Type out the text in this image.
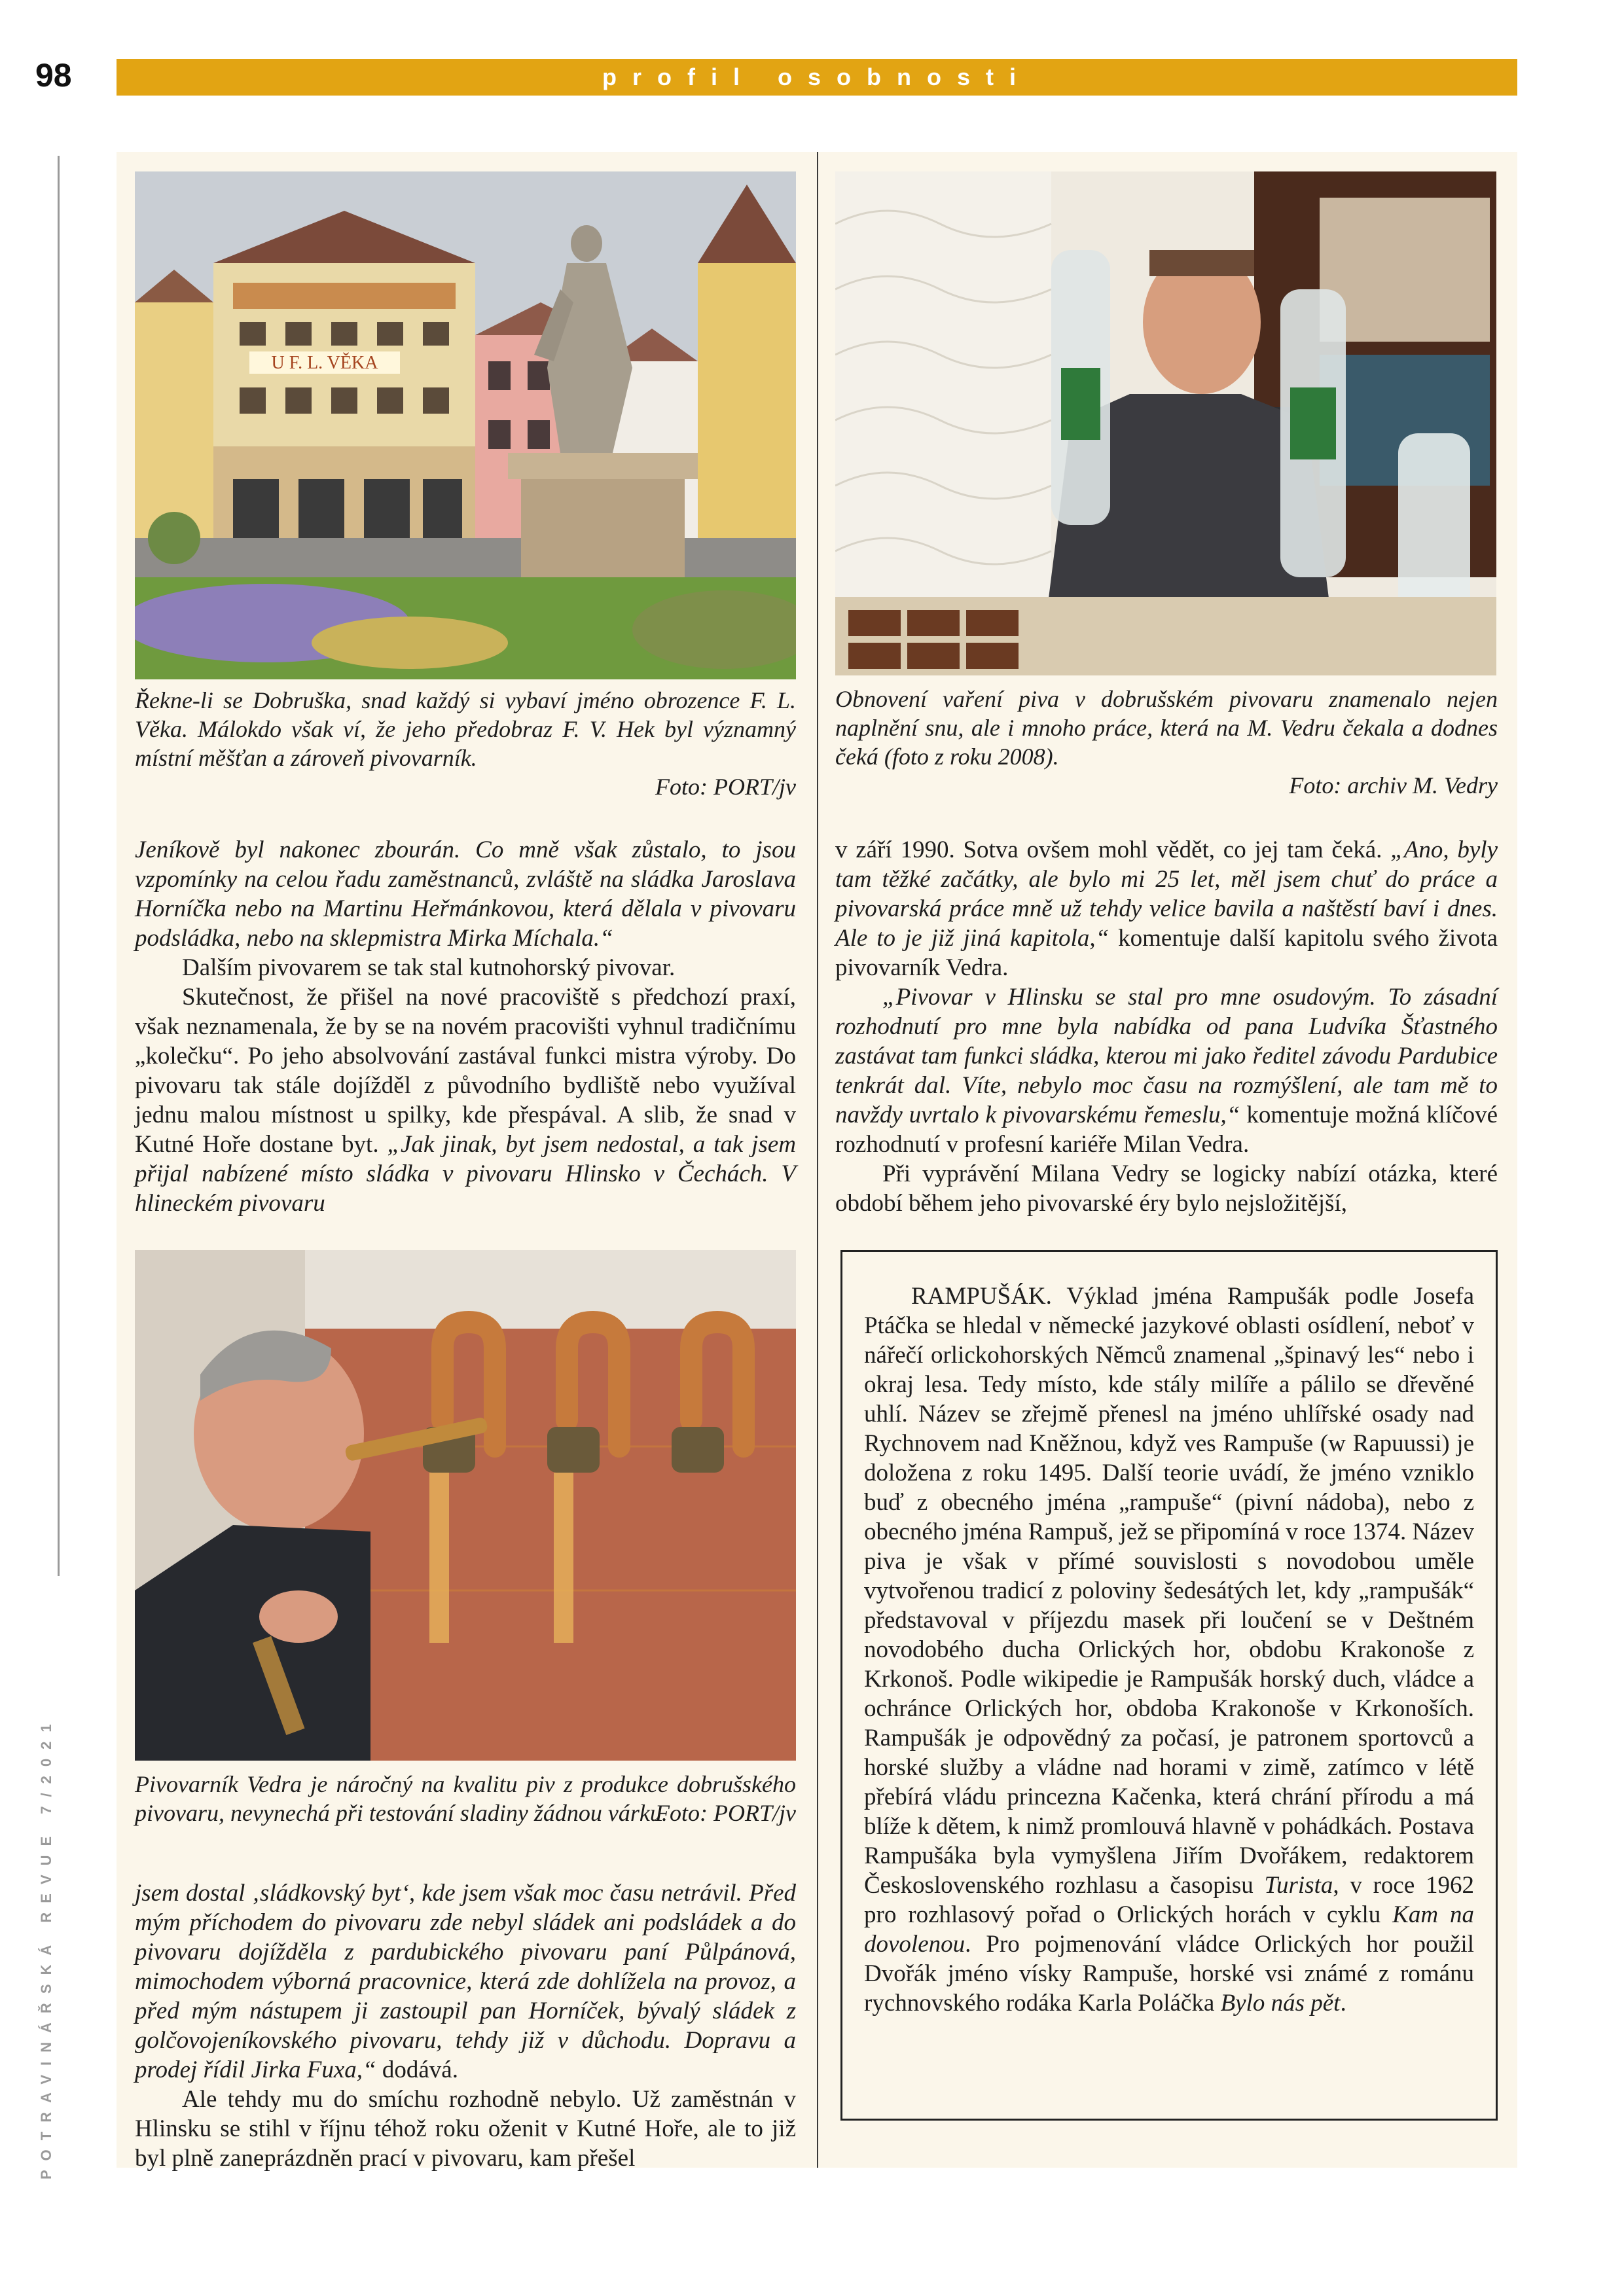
98	profil osobnosti
POTRAVINÁŘSKÁ REVUE 7/2021
U F. L. VĚKA
Řekne-li se Dobruška, snad každý si vybaví jméno obrozence F. L. Věka. Málokdo však ví, že jeho předobraz F. V. Hek byl významný místní měšťan a zároveň pivovarník.
Foto: PORT/jv
Obnovení vaření piva v dobrušském pivovaru znamenalo nejen naplnění snu, ale i mnoho práce, která na M. Vedru čekala a dodnes čeká (foto z roku 2008).
Foto: archiv M. Vedry

Jeníkově byl nakonec zbourán. Co mně však zůstalo, to jsou vzpomínky na celou řadu zaměstnanců, zvláště na sládka Jaroslava Horníčka nebo na Martinu Heřmánkovou, která dělala v pivovaru podsládka, nebo na sklepmistra Mirka Míchala.“

Dalším pivovarem se tak stal kutnohorský pivovar.

Skutečnost, že přišel na nové pracoviště s předchozí praxí, však neznamenala, že by se na novém pracovišti vyhnul tradičnímu „kolečku“. Po jeho absolvování zastával funkci mistra výroby. Do pivovaru tak stále dojížděl z původního bydliště nebo využíval jednu malou místnost u spilky, kde přespával. A slib, že snad v Kutné Hoře dostane byt. „Jak jinak, byt jsem nedostal, a tak jsem přijal nabízené místo sládka v pivovaru Hlinsko v Čechách. V hlineckém pivovaru

v září 1990. Sotva ovšem mohl vědět, co jej tam čeká. „Ano, byly tam těžké začátky, ale bylo mi 25 let, měl jsem chuť do práce a pivovarská práce mně už tehdy velice bavila a naštěstí baví i dnes. Ale to je již jiná kapitola,“ komentuje další kapitolu svého života pivovarník Vedra.

„Pivovar v Hlinsku se stal pro mne osudovým. To zásadní rozhodnutí pro mne byla nabídka od pana Ludvíka Šťastného zastávat tam funkci sládka, kterou mi jako ředitel závodu Pardubice tenkrát dal. Víte, nebylo moc času na rozmýšlení, ale tam mě to navždy uvrtalo k pivovarskému řemeslu,“ komentuje možná klíčové rozhodnutí v profesní kariéře Milan Vedra.

Při vyprávění Milana Vedry se logicky nabízí otázka, které období během jeho pivovarské éry bylo nejsložitější,

Pivovarník Vedra je náročný na kvalitu piv z produkce dobrušského pivovaru, nevynechá při testování sladiny žádnou várku.
Foto: PORT/jv

jsem dostal ‚sládkovský byt‘, kde jsem však moc času netrávil. Před mým příchodem do pivovaru zde nebyl sládek ani podsládek a do pivovaru dojížděla z pardubického pivovaru paní Půlpánová, mimochodem výborná pracovnice, která zde dohlížela na provoz, a před mým nástupem ji zastoupil pan Horníček, bývalý sládek z golčovojeníkovského pivovaru, tehdy již v důchodu. Dopravu a prodej řídil Jirka Fuxa,“ dodává.

Ale tehdy mu do smíchu rozhodně nebylo. Už zaměstnán v Hlinsku se stihl v říjnu téhož roku oženit v Kutné Hoře, ale to již byl plně zaneprázdněn prací v pivovaru, kam přešel

RAMPUŠÁK. Výklad jména Rampušák podle Josefa Ptáčka se hledal v německé jazykové oblasti osídlení, neboť v nářečí orlickohorských Němců znamenal „špinavý les“ nebo i okraj lesa. Tedy místo, kde stály milíře a pálilo se dřevěné uhlí. Název se zřejmě přenesl na jméno uhlířské osady nad Rychnovem nad Kněžnou, když ves Rampuše (w Rapuussi) je doložena z roku 1495. Další teorie uvádí, že jméno vzniklo buď z obecného jména „rampuše“ (pivní nádoba), nebo z obecného jména Rampuš, jež se připomíná v roce 1374. Název piva je však v přímé souvislosti s novodobou uměle vytvořenou tradicí z poloviny šedesátých let, kdy „rampušák“ představoval v příjezdu masek při loučení se v Deštném novodobého ducha Orlických hor, obdobu Krakonoše z Krkonoš. Podle wikipedie je Rampušák horský duch, vládce a ochránce Orlických hor, obdoba Krakonoše v Krkonoších. Rampušák je odpovědný za počasí, je patronem sportovců a horské služby a vládne nad horami v zimě, zatímco v létě přebírá vládu princezna Kačenka, která chrání přírodu a má blíže k dětem, k nimž promlouvá hlavně v pohádkách. Postava Rampušáka byla vymyšlena Jiřím Dvořákem, redaktorem Československého rozhlasu a časopisu Turista, v roce 1962 pro rozhlasový pořad o Orlických horách v cyklu Kam na dovolenou. Pro pojmenování vládce Orlických hor použil Dvořák jméno vísky Rampuše, horské vsi známé z románu rychnovského rodáka Karla Poláčka Bylo nás pět.
